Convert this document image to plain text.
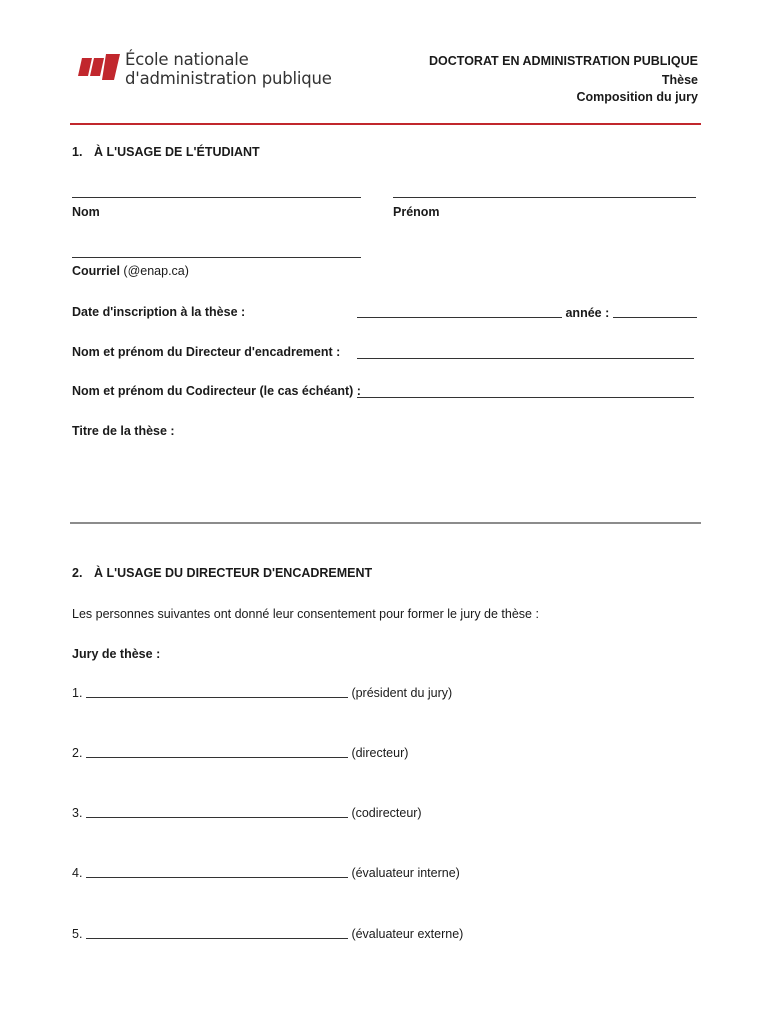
École nationale
d'administration publique
DOCTORAT EN ADMINISTRATION PUBLIQUE
Thèse
Composition du jury
1. À L'USAGE DE L'ÉTUDIANT
Nom	Prénom
Courriel (@enap.ca)
Date d'inscription à la thèse :	année :
Nom et prénom du Directeur d'encadrement :
Nom et prénom du Codirecteur (le cas échéant) :
Titre de la thèse :
2. À L'USAGE DU DIRECTEUR D'ENCADREMENT
Les personnes suivantes ont donné leur consentement pour former le jury de thèse :
Jury de thèse :
1.	(président du jury)
2.	(directeur)
3.	(codirecteur)
4.	(évaluateur interne)
5.	(évaluateur externe)
